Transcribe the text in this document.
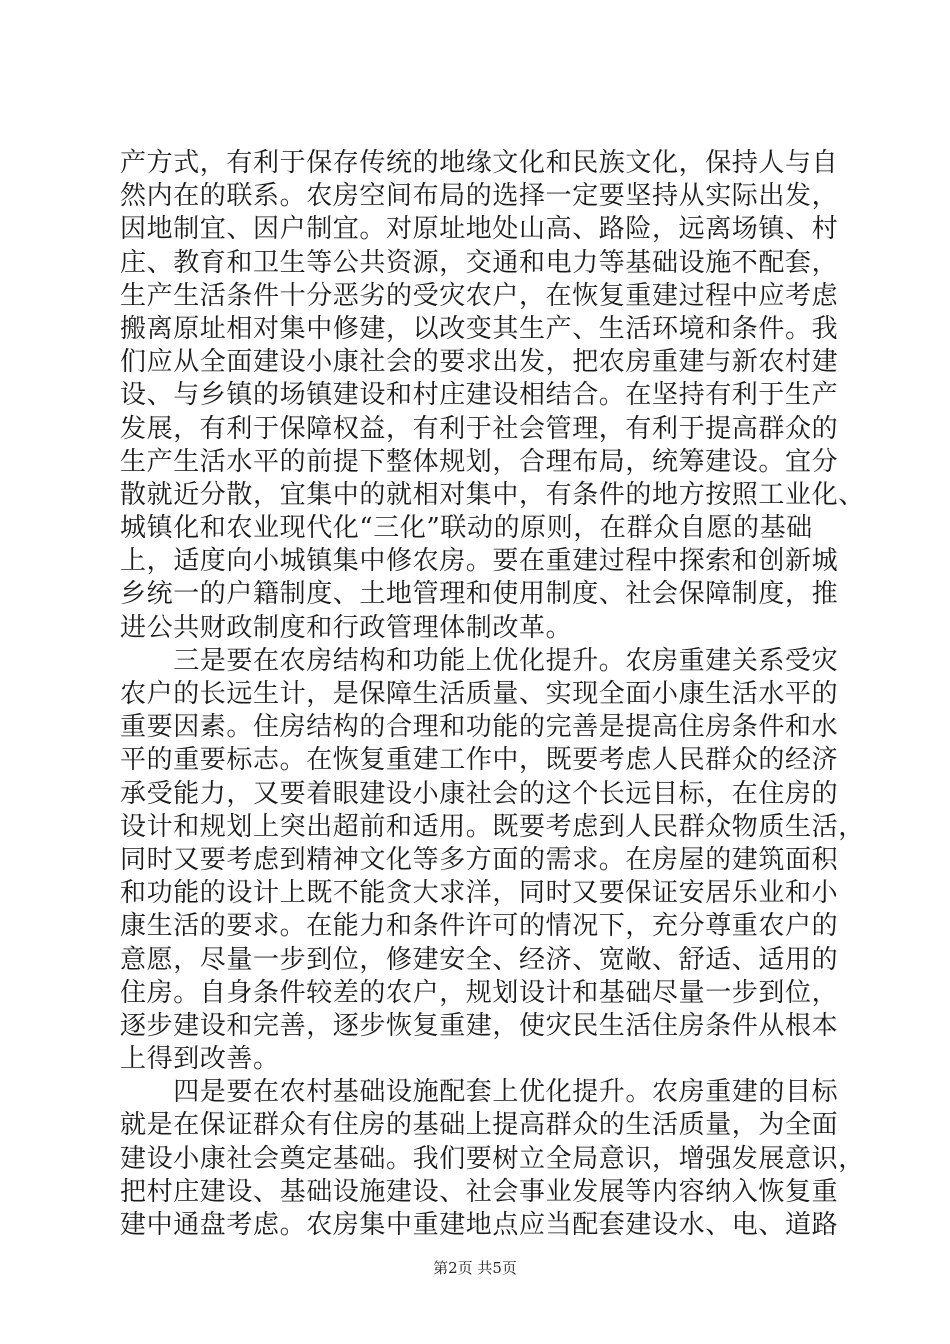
产方式，有利于保存传统的地缘文化和民族文化，保持人与自
然内在的联系。农房空间布局的选择一定要坚持从实际出发，
因地制宜、因户制宜。对原址地处山高、路险，远离场镇、村
庄、教育和卫生等公共资源，交通和电力等基础设施不配套，
生产生活条件十分恶劣的受灾农户，在恢复重建过程中应考虑
搬离原址相对集中修建，以改变其生产、生活环境和条件。我
们应从全面建设小康社会的要求出发，把农房重建与新农村建
设、与乡镇的场镇建设和村庄建设相结合。在坚持有利于生产
发展，有利于保障权益，有利于社会管理，有利于提高群众的
生产生活水平的前提下整体规划，合理布局，统筹建设。宜分
散就近分散，宜集中的就相对集中，有条件的地方按照工业化、
城镇化和农业现代化“三化”联动的原则，在群众自愿的基础
上，适度向小城镇集中修农房。要在重建过程中探索和创新城
乡统一的户籍制度、土地管理和使用制度、社会保障制度，推
进公共财政制度和行政管理体制改革。
　　三是要在农房结构和功能上优化提升。农房重建关系受灾
农户的长远生计，是保障生活质量、实现全面小康生活水平的
重要因素。住房结构的合理和功能的完善是提高住房条件和水
平的重要标志。在恢复重建工作中，既要考虑人民群众的经济
承受能力，又要着眼建设小康社会的这个长远目标，在住房的
设计和规划上突出超前和适用。既要考虑到人民群众物质生活，
同时又要考虑到精神文化等多方面的需求。在房屋的建筑面积
和功能的设计上既不能贪大求洋，同时又要保证安居乐业和小
康生活的要求。在能力和条件许可的情况下，充分尊重农户的
意愿，尽量一步到位，修建安全、经济、宽敞、舒适、适用的
住房。自身条件较差的农户，规划设计和基础尽量一步到位，
逐步建设和完善，逐步恢复重建，使灾民生活住房条件从根本
上得到改善。
　　四是要在农村基础设施配套上优化提升。农房重建的目标
就是在保证群众有住房的基础上提高群众的生活质量，为全面
建设小康社会奠定基础。我们要树立全局意识，增强发展意识，
把村庄建设、基础设施建设、社会事业发展等内容纳入恢复重
建中通盘考虑。农房集中重建地点应当配套建设水、电、道路
第2页 共5页
